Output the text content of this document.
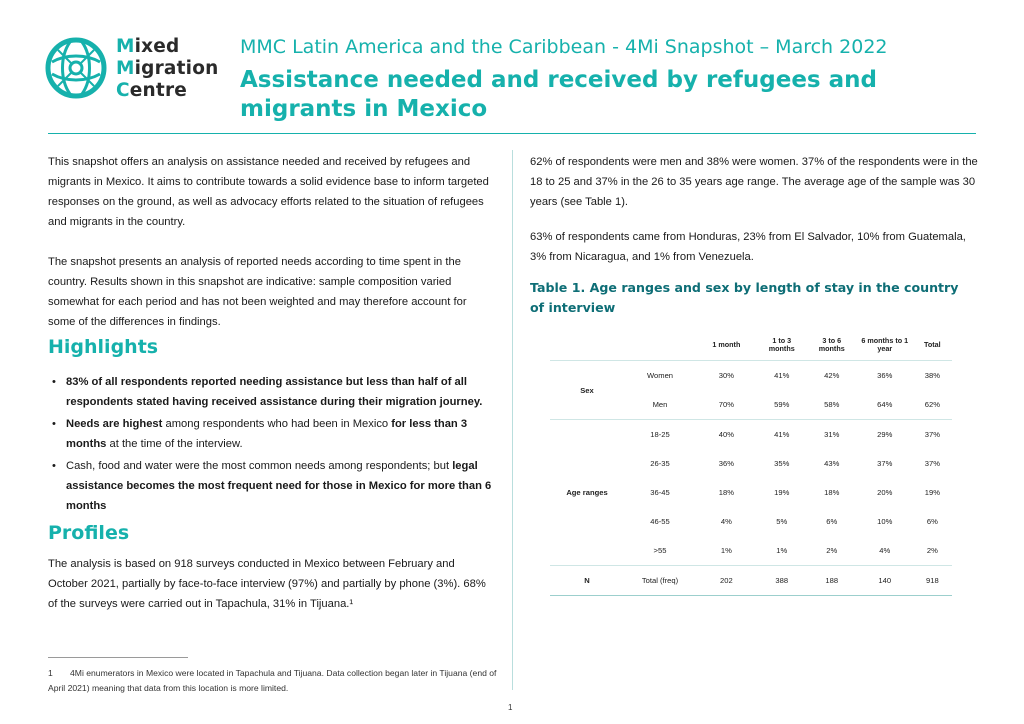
Mixed
Migration
Centre
MMC Latin America and the Caribbean - 4Mi Snapshot – March 2022
Assistance needed and received by refugees and migrants in Mexico

This snapshot offers an analysis on assistance needed and received by refugees and migrants in Mexico. It aims to contribute towards a solid evidence base to inform targeted responses on the ground, as well as advocacy efforts related to the situation of refugees and migrants in the country.

The snapshot presents an analysis of reported needs according to time spent in the country. Results shown in this snapshot are indicative: sample composition varied somewhat for each period and has not been weighted and may therefore account for some of the differences in findings.

Highlights
• 83% of all respondents reported needing assistance but less than half of all respondents stated having received assistance during their migration journey.
• Needs are highest among respondents who had been in Mexico for less than 3 months at the time of the interview.
• Cash, food and water were the most common needs among respondents; but legal assistance becomes the most frequent need for those in Mexico for more than 6 months
Profiles

The analysis is based on 918 surveys conducted in Mexico between February and October 2021, partially by face-to-face interview (97%) and partially by phone (3%). 68% of the surveys were carried out in Tapachula, 31% in Tijuana.¹

62% of respondents were men and 38% were women. 37% of the respondents were in the 18 to 25 and 37% in the 26 to 35 years age range. The average age of the sample was 30 years (see Table 1).

63% of respondents came from Honduras, 23% from El Salvador, 10% from Guatemala, 3% from Nicaragua, and 1% from Venezuela.

Table 1. Age ranges and sex by length of stay in the country of interview
		1 month	1 to 3 months	3 to 6 months	6 months to 1 year	Total
Sex	Women	30%	41%	42%	36%	38%
	Men	70%	59%	58%	64%	62%
Age ranges	18-25	40%	41%	31%	29%	37%
	26-35	36%	35%	43%	37%	37%
	36-45	18%	19%	18%	20%	19%
	46-55	4%	5%	6%	10%	6%
	>55	1%	1%	2%	4%	2%
N	Total (freq)	202	388	188	140	918
1 4Mi enumerators in Mexico were located in Tapachula and Tijuana. Data collection began later in Tijuana (end of April 2021) meaning that data from this location is more limited.
1
